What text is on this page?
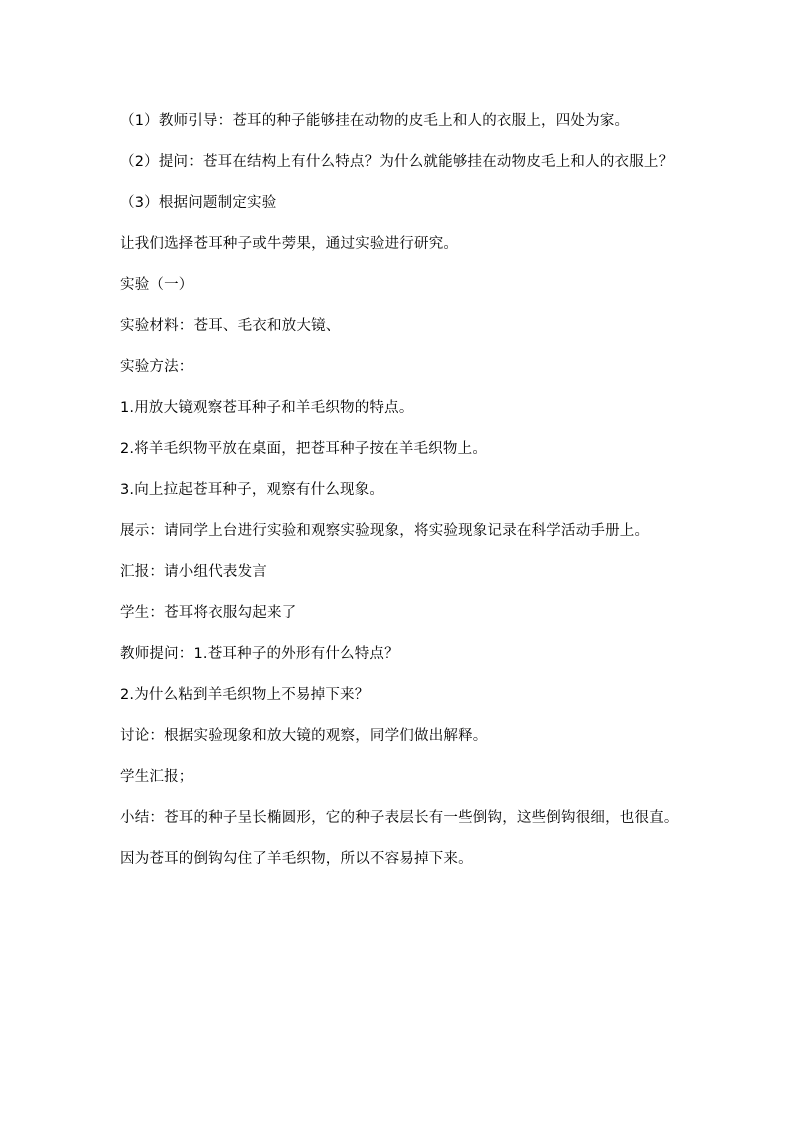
（1）教师引导：苍耳的种子能够挂在动物的皮毛上和人的衣服上，四处为家。

（2）提问：苍耳在结构上有什么特点？为什么就能够挂在动物皮毛上和人的衣服上？

（3）根据问题制定实验

让我们选择苍耳种子或牛蒡果，通过实验进行研究。

实验（一）

实验材料：苍耳、毛衣和放大镜、

实验方法：

1.用放大镜观察苍耳种子和羊毛织物的特点。

2.将羊毛织物平放在桌面，把苍耳种子按在羊毛织物上。

3.向上拉起苍耳种子，观察有什么现象。

展示：请同学上台进行实验和观察实验现象，将实验现象记录在科学活动手册上。

汇报：请小组代表发言

学生：苍耳将衣服勾起来了

教师提问：1.苍耳种子的外形有什么特点？

2.为什么粘到羊毛织物上不易掉下来？

讨论：根据实验现象和放大镜的观察，同学们做出解释。

学生汇报；

小结：苍耳的种子呈长椭圆形，它的种子表层长有一些倒钩，这些倒钩很细，也很直。

因为苍耳的倒钩勾住了羊毛织物，所以不容易掉下来。
